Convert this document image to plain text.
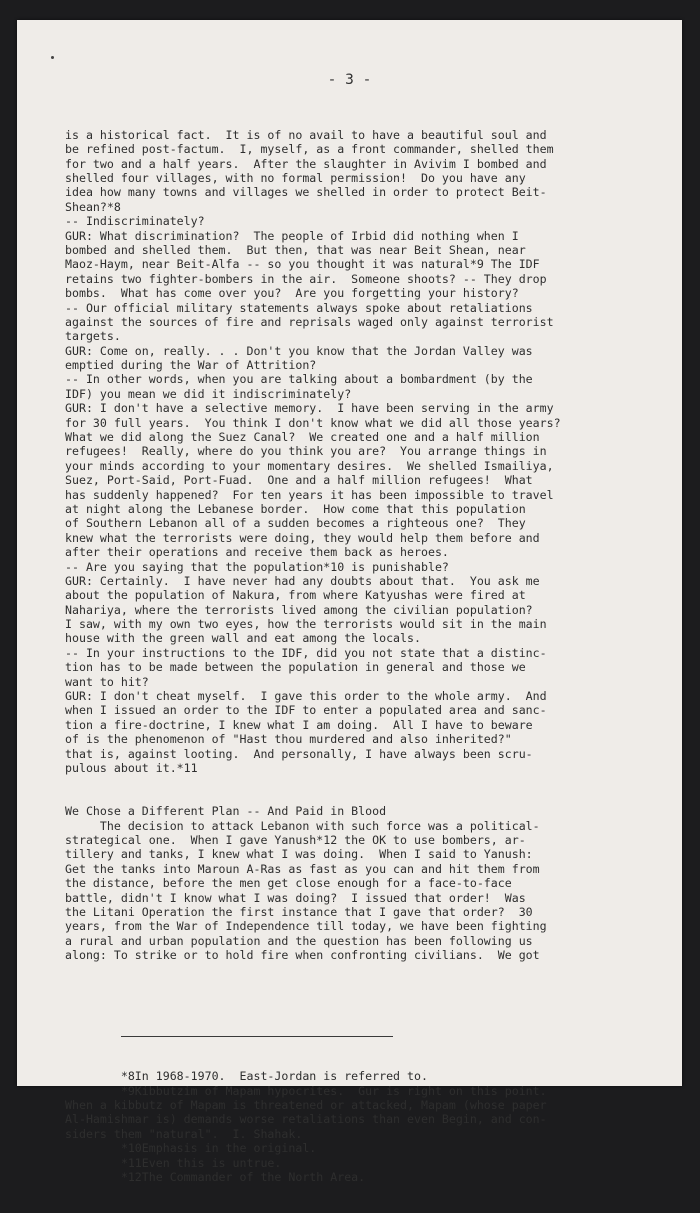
- 3 -

is a historical fact.  It is of no avail to have a beautiful soul and
be refined post-factum.  I, myself, as a front commander, shelled them
for two and a half years.  After the slaughter in Avivim I bombed and
shelled four villages, with no formal permission!  Do you have any
idea how many towns and villages we shelled in order to protect Beit-
Shean?*8
-- Indiscriminately?
GUR: What discrimination?  The people of Irbid did nothing when I
bombed and shelled them.  But then, that was near Beit Shean, near
Maoz-Haym, near Beit-Alfa -- so you thought it was natural*9 The IDF
retains two fighter-bombers in the air.  Someone shoots? -- They drop
bombs.  What has come over you?  Are you forgetting your history?
-- Our official military statements always spoke about retaliations
against the sources of fire and reprisals waged only against terrorist
targets.
GUR: Come on, really. . . Don't you know that the Jordan Valley was
emptied during the War of Attrition?
-- In other words, when you are talking about a bombardment (by the
IDF) you mean we did it indiscriminately?
GUR: I don't have a selective memory.  I have been serving in the army
for 30 full years.  You think I don't know what we did all those years?
What we did along the Suez Canal?  We created one and a half million
refugees!  Really, where do you think you are?  You arrange things in
your minds according to your momentary desires.  We shelled Ismailiya,
Suez, Port-Said, Port-Fuad.  One and a half million refugees!  What
has suddenly happened?  For ten years it has been impossible to travel
at night along the Lebanese border.  How come that this population
of Southern Lebanon all of a sudden becomes a righteous one?  They
knew what the terrorists were doing, they would help them before and
after their operations and receive them back as heroes.
-- Are you saying that the population*10 is punishable?
GUR: Certainly.  I have never had any doubts about that.  You ask me
about the population of Nakura, from where Katyushas were fired at
Nahariya, where the terrorists lived among the civilian population?
I saw, with my own two eyes, how the terrorists would sit in the main
house with the green wall and eat among the locals.
-- In your instructions to the IDF, did you not state that a distinc-
tion has to be made between the population in general and those we
want to hit?
GUR: I don't cheat myself.  I gave this order to the whole army.  And
when I issued an order to the IDF to enter a populated area and sanc-
tion a fire-doctrine, I knew what I am doing.  All I have to beware
of is the phenomenon of "Hast thou murdered and also inherited?"
that is, against looting.  And personally, I have always been scru-
pulous about it.*11
We Chose a Different Plan -- And Paid in Blood
The decision to attack Lebanon with such force was a political-
strategical one.  When I gave Yanush*12 the OK to use bombers, ar-
tillery and tanks, I knew what I was doing.  When I said to Yanush:
Get the tanks into Maroun A-Ras as fast as you can and hit them from
the distance, before the men get close enough for a face-to-face
battle, didn't I know what I was doing?  I issued that order!  Was
the Litani Operation the first instance that I gave that order?  30
years, from the War of Independence till today, we have been fighting
a rural and urban population and the question has been following us
along: To strike or to hold fire when confronting civilians.  We got

*8In 1968-1970.  East-Jordan is referred to.
*9Kibbutzim of Mapam hypocrites.  Gur is right on this point.
When a kibbutz of Mapam is threatened or attacked, Mapam (whose paper
Al-Hamishmar is) demands worse retaliations than even Begin, and con-
siders them "natural".  I. Shahak.
*10Emphasis in the original.
*11Even this is untrue.
*12The Commander of the North Area.
